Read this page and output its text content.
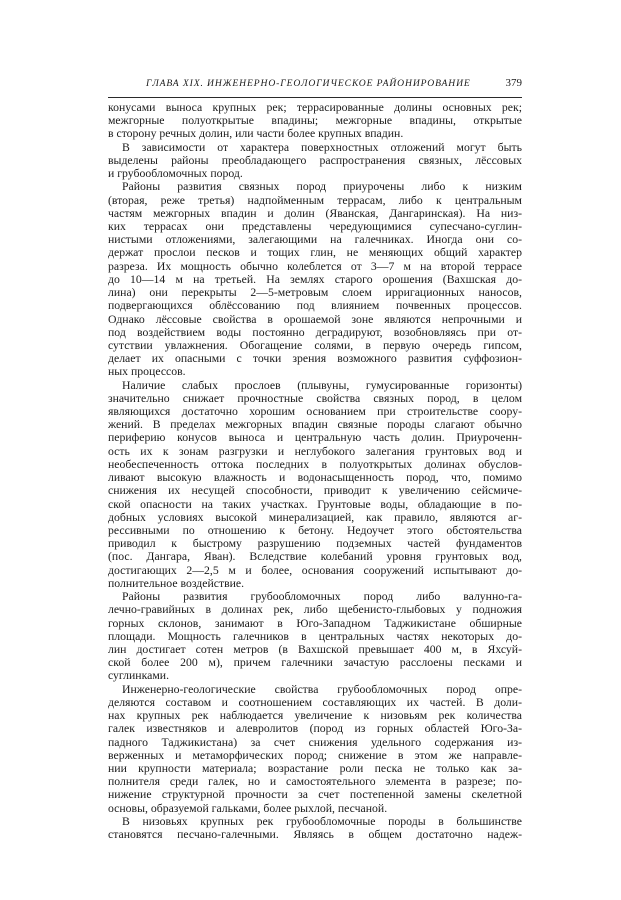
ГЛАВА XIX. ИНЖЕНЕРНО-ГЕОЛОГИЧЕСКОЕ РАЙОНИРОВАНИЕ	379
конусами выноса крупных рек; террасированные долины основных рек;
межгорные полуоткрытые впадины; межгорные впадины, открытые
в сторону речных долин, или части более крупных впадин.
В зависимости от характера поверхностных отложений могут быть
выделены районы преобладающего распространения связных, лёссовых
и грубообломочных пород.
Районы развития связных пород приурочены либо к низким
(вторая, реже третья) надпойменным террасам, либо к центральным
частям межгорных впадин и долин (Яванская, Дангаринская). На низ-
ких террасах они представлены чередующимися супесчано-суглин-
нистыми отложениями, залегающими на галечниках. Иногда они со-
держат прослои песков и тощих глин, не меняющих общий характер
разреза. Их мощность обычно колеблется от 3—7 м на второй террасе
до 10—14 м на третьей. На землях старого орошения (Вахшская до-
лина) они перекрыты 2—5-метровым слоем ирригационных наносов,
подвергающихся облёссованию под влиянием почвенных процессов.
Однако лёссовые свойства в орошаемой зоне являются непрочными и
под воздействием воды постоянно деградируют, возобновляясь при от-
сутствии увлажнения. Обогащение солями, в первую очередь гипсом,
делает их опасными с точки зрения возможного развития суффозион-
ных процессов.
Наличие слабых прослоев (плывуны, гумусированные горизонты)
значительно снижает прочностные свойства связных пород, в целом
являющихся достаточно хорошим основанием при строительстве соору-
жений. В пределах межгорных впадин связные породы слагают обычно
периферию конусов выноса и центральную часть долин. Приуроченн-
ость их к зонам разгрузки и неглубокого залегания грунтовых вод и
необеспеченность оттока последних в полуоткрытых долинах обуслов-
ливают высокую влажность и водонасыщенность пород, что, помимо
снижения их несущей способности, приводит к увеличению сейсмиче-
ской опасности на таких участках. Грунтовые воды, обладающие в по-
добных условиях высокой минерализацией, как правило, являются аг-
рессивными по отношению к бетону. Недоучет этого обстоятельства
приводил к быстрому разрушению подземных частей фундаментов
(пос. Дангара, Яван). Вследствие колебаний уровня грунтовых вод,
достигающих 2—2,5 м и более, основания сооружений испытывают до-
полнительное воздействие.
Районы развития грубообломочных пород либо валунно-га-
лечно-гравийных в долинах рек, либо щебенисто-глыбовых у подножия
горных склонов, занимают в Юго-Западном Таджикистане обширные
площади. Мощность галечников в центральных частях некоторых до-
лин достигает сотен метров (в Вахшской превышает 400 м, в Яхсуй-
ской более 200 м), причем галечники зачастую расслоены песками и
суглинками.
Инженерно-геологические свойства грубообломочных пород опре-
деляются составом и соотношением составляющих их частей. В доли-
нах крупных рек наблюдается увеличение к низовьям рек количества
галек известняков и алевролитов (пород из горных областей Юго-За-
падного Таджикистана) за счет снижения удельного содержания из-
верженных и метаморфических пород; снижение в этом же направле-
нии крупности материала; возрастание роли песка не только как за-
полнителя среди галек, но и самостоятельного элемента в разрезе; по-
нижение структурной прочности за счет постепенной замены скелетной
основы, образуемой гальками, более рыхлой, песчаной.
В низовьях крупных рек грубообломочные породы в большинстве
становятся песчано-галечными. Являясь в общем достаточно надеж-
